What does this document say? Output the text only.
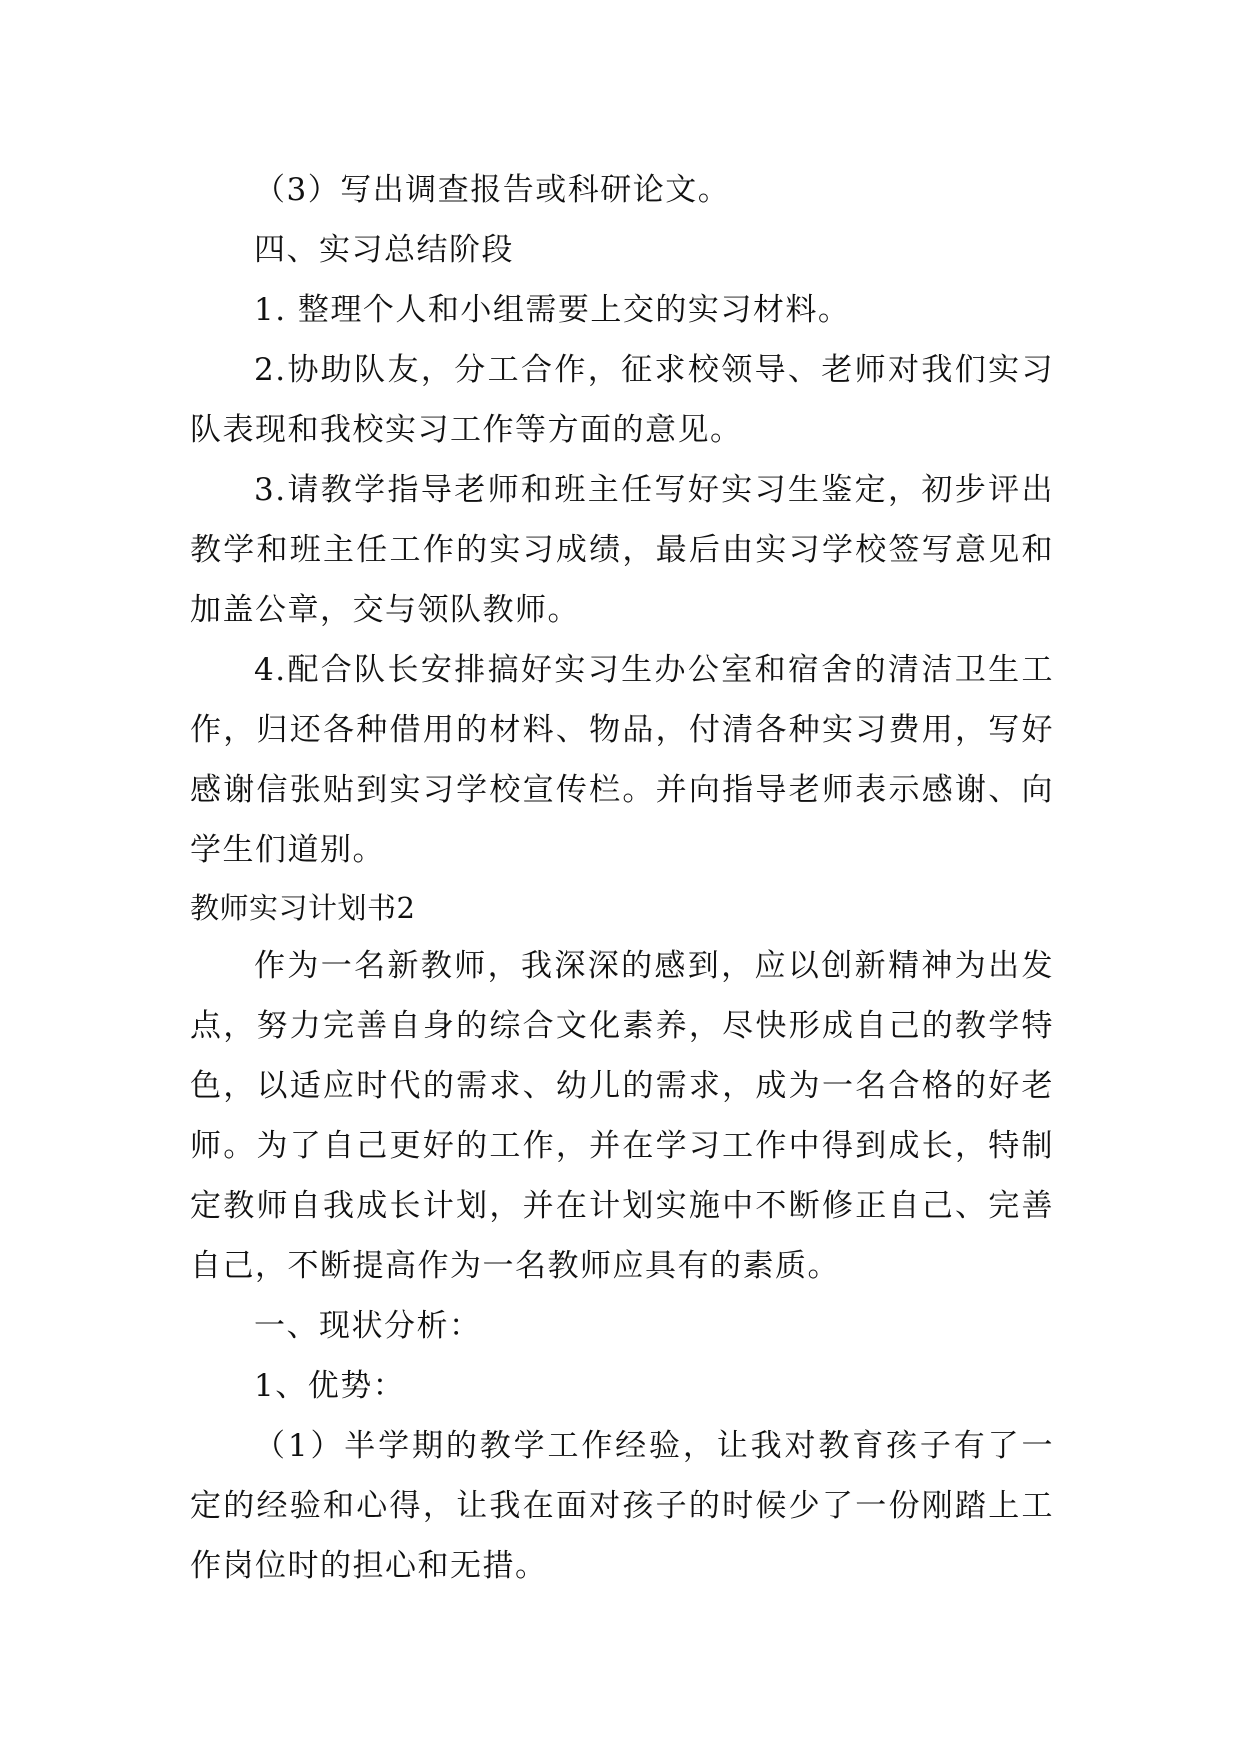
（3）写出调查报告或科研论文。

四、实习总结阶段

1. 整理个人和小组需要上交的实习材料。

2.协助队友，分工合作，征求校领导、老师对我们实习队表现和我校实习工作等方面的意见。

3.请教学指导老师和班主任写好实习生鉴定，初步评出教学和班主任工作的实习成绩，最后由实习学校签写意见和加盖公章，交与领队教师。

4.配合队长安排搞好实习生办公室和宿舍的清洁卫生工作，归还各种借用的材料、物品，付清各种实习费用，写好感谢信张贴到实习学校宣传栏。并向指导老师表示感谢、向学生们道别。

教师实习计划书2

作为一名新教师，我深深的感到，应以创新精神为出发点，努力完善自身的综合文化素养，尽快形成自己的教学特色，以适应时代的需求、幼儿的需求，成为一名合格的好老师。为了自己更好的工作，并在学习工作中得到成长，特制定教师自我成长计划，并在计划实施中不断修正自己、完善自己，不断提高作为一名教师应具有的素质。

一、现状分析：

1、优势：

（1）半学期的教学工作经验，让我对教育孩子有了一定的经验和心得，让我在面对孩子的时候少了一份刚踏上工作岗位时的担心和无措。
